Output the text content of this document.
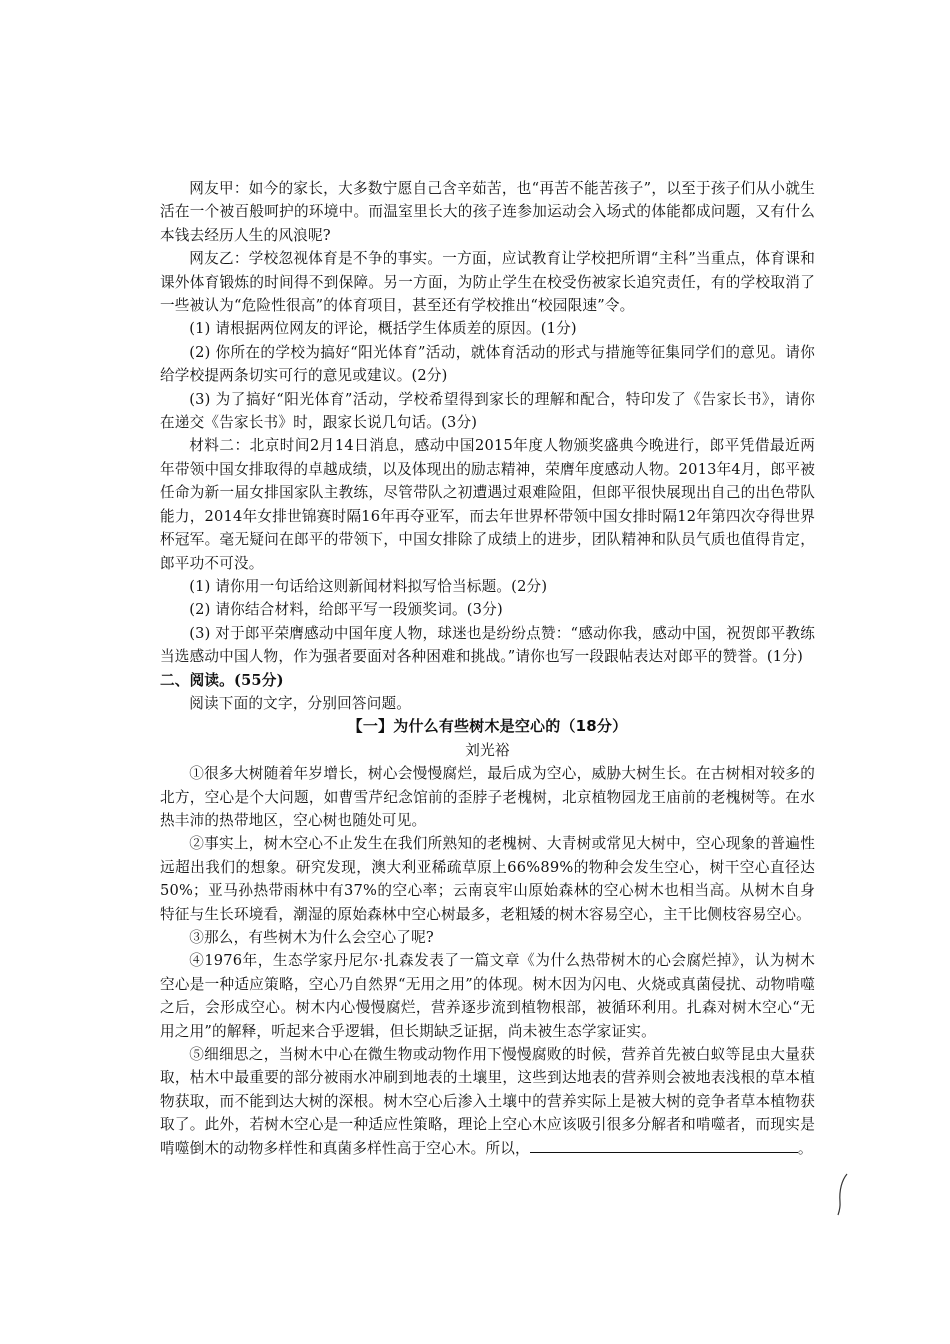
网友甲：如今的家长，大多数宁愿自己含辛茹苦，也“再苦不能苦孩子”，以至于孩子们从小就生活在一个被百般呵护的环境中。而温室里长大的孩子连参加运动会入场式的体能都成问题，又有什么本钱去经历人生的风浪呢?

网友乙：学校忽视体育是不争的事实。一方面，应试教育让学校把所谓“主科”当重点，体育课和课外体育锻炼的时间得不到保障。另一方面，为防止学生在校受伤被家长追究责任，有的学校取消了一些被认为“危险性很高”的体育项目，甚至还有学校推出“校园限速”令。

(1) 请根据两位网友的评论，概括学生体质差的原因。(1分)

(2) 你所在的学校为搞好“阳光体育”活动，就体育活动的形式与措施等征集同学们的意见。请你给学校提两条切实可行的意见或建议。(2分)

(3) 为了搞好“阳光体育”活动，学校希望得到家长的理解和配合，特印发了《告家长书》，请你在递交《告家长书》时，跟家长说几句话。(3分)

材料二：北京时间2月14日消息，感动中国2015年度人物颁奖盛典今晚进行，郎平凭借最近两年带领中国女排取得的卓越成绩，以及体现出的励志精神，荣膺年度感动人物。2013年4月，郎平被任命为新一届女排国家队主教练，尽管带队之初遭遇过艰难险阻，但郎平很快展现出自己的出色带队能力，2014年女排世锦赛时隔16年再夺亚军，而去年世界杯带领中国女排时隔12年第四次夺得世界杯冠军。毫无疑问在郎平的带领下，中国女排除了成绩上的进步，团队精神和队员气质也值得肯定，郎平功不可没。

(1) 请你用一句话给这则新闻材料拟写恰当标题。(2分)

(2) 请你结合材料，给郎平写一段颁奖词。(3分)

(3) 对于郎平荣膺感动中国年度人物，球迷也是纷纷点赞：“感动你我，感动中国，祝贺郎平教练当选感动中国人物，作为强者要面对各种困难和挑战。”请你也写一段跟帖表达对郎平的赞誉。(1分)

二、阅读。(55分)

阅读下面的文字，分别回答问题。

【一】为什么有些树木是空心的（18分）

刘光裕

①很多大树随着年岁增长，树心会慢慢腐烂，最后成为空心，威胁大树生长。在古树相对较多的北方，空心是个大问题，如曹雪芹纪念馆前的歪脖子老槐树，北京植物园龙王庙前的老槐树等。在水热丰沛的热带地区，空心树也随处可见。

②事实上，树木空心不止发生在我们所熟知的老槐树、大青树或常见大树中，空心现象的普遍性远超出我们的想象。研究发现，澳大利亚稀疏草原上66%89%的物种会发生空心，树干空心直径达50%；亚马孙热带雨林中有37%的空心率；云南哀牢山原始森林的空心树木也相当高。从树木自身特征与生长环境看，潮湿的原始森林中空心树最多，老粗矮的树木容易空心，主干比侧枝容易空心。

③那么，有些树木为什么会空心了呢?

④1976年，生态学家丹尼尔·扎森发表了一篇文章《为什么热带树木的心会腐烂掉》，认为树木空心是一种适应策略，空心乃自然界“无用之用”的体现。树木因为闪电、火烧或真菌侵扰、动物啃噬之后，会形成空心。树木内心慢慢腐烂，营养逐步流到植物根部，被循环利用。扎森对树木空心“无用之用”的解释，听起来合乎逻辑，但长期缺乏证据，尚未被生态学家证实。

⑤细细思之，当树木中心在微生物或动物作用下慢慢腐败的时候，营养首先被白蚁等昆虫大量获取，枯木中最重要的部分被雨水冲刷到地表的土壤里，这些到达地表的营养则会被地表浅根的草本植物获取，而不能到达大树的深根。树木空心后渗入土壤中的营养实际上是被大树的竞争者草本植物获取了。此外，若树木空心是一种适应性策略，理论上空心木应该吸引很多分解者和啃噬者，而现实是啃噬倒木的动物多样性和真菌多样性高于空心木。所以，	。
